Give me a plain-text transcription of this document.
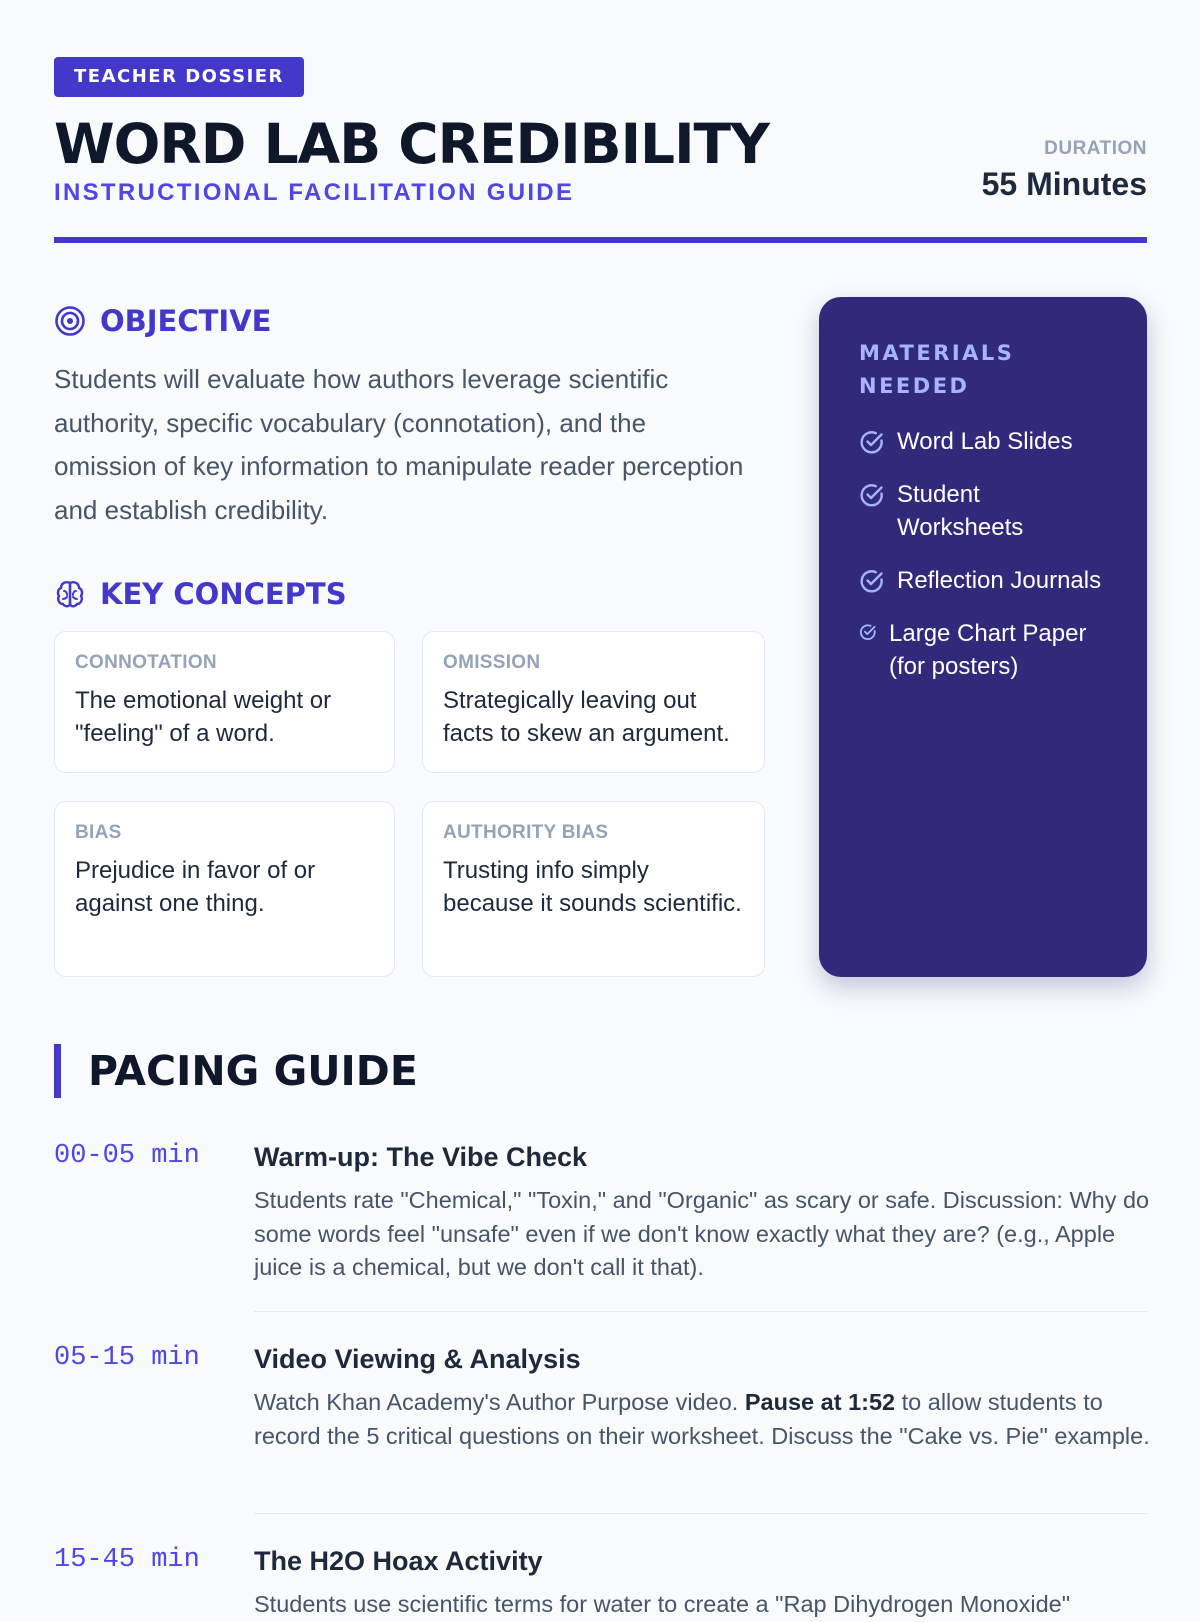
TEACHER DOSSIER
WORD LAB CREDIBILITY
INSTRUCTIONAL FACILITATION GUIDE
DURATION
55 Minutes
OBJECTIVE

Students will evaluate how authors leverage scientific authority, specific vocabulary (connotation), and the omission of key information to manipulate reader perception and establish credibility.

KEY CONCEPTS
CONNOTATION
The emotional weight or "feeling" of a word.
OMISSION
Strategically leaving out facts to skew an argument.
BIAS
Prejudice in favor of or against one thing.
AUTHORITY BIAS
Trusting info simply because it sounds scientific.
MATERIALS NEEDED
Word Lab Slides
Student Worksheets
Reflection Journals
Large Chart Paper (for posters)
PACING GUIDE
00-05 min Warm-up: The Vibe Check

Students rate "Chemical," "Toxin," and "Organic" as scary or safe. Discussion: Why do some words feel "unsafe" even if we don't know exactly what they are? (e.g., Apple juice is a chemical, but we don't call it that).

05-15 min Video Viewing & Analysis

Watch Khan Academy's Author Purpose video. Pause at 1:52 to allow students to record the 5 critical questions on their worksheet. Discuss the "Cake vs. Pie" example.

15-45 min The H2O Hoax Activity

Students use scientific terms for water to create a "Rap Dihydrogen Monoxide"
